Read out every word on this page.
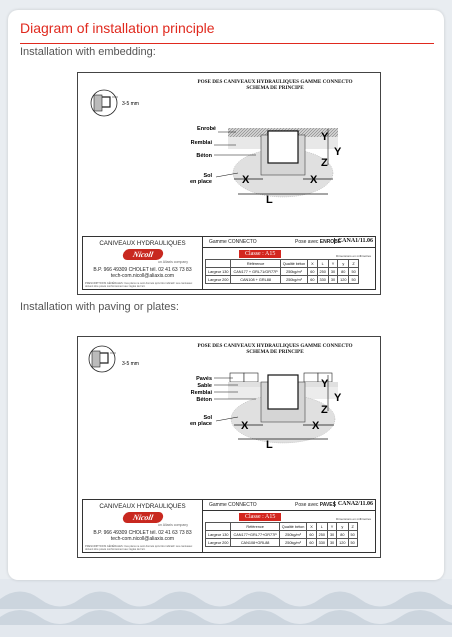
Diagram of installation principle
Installation with embedding:
POSE DES CANIVEAUX HYDRAULIQUES GAMME CONNECTO
SCHEMA DE PRINCIPE
3-5 mm
Enrobé
Remblai
Béton
Sol
en place
Y
Y
Z
X	X
L
CANIVEAUX HYDRAULIQUES
Nicoll
un Aliaxis company
B.P. 966 49309 CHOLET tél. 02 41 63 73 83
tech-com.nicoll@aliaxis.com
PRESCRIPTIONS GÉNÉRALES: Ces plans ne sont donnés qu'à titre indicatif. Les caniveaux doivent être posés conformément aux règles de l'art.
Gamme CONNECTO	Pose avec ENROBE
CANA1/11.06
Classe : A15	Dimensions en millimètres
	Référence	Qualité béton	X	L	Y	y	Z
Largeur 130	CAN177 + GRL71/GR77P	250kg/m³	60	250	30	80	50
Largeur 200	CAN108 + GRL88	250kg/m³	60	330	30	120	50
Installation with paving or plates:
POSE DES CANIVEAUX HYDRAULIQUES GAMME CONNECTO
SCHEMA DE PRINCIPE
3-5 mm
Pavés
Sable
Remblai
Béton
Sol
en place
Y
Y
Z
X	X
L
CANIVEAUX HYDRAULIQUES
Nicoll
un Aliaxis company
B.P. 966 49309 CHOLET tél. 02 41 63 73 83
tech-com.nicoll@aliaxis.com
PRESCRIPTIONS GÉNÉRALES: Ces plans ne sont donnés qu'à titre indicatif. Les caniveaux doivent être posés conformément aux règles de l'art.
Gamme CONNECTO	Pose avec PAVES CANA2/11.06
Classe : A15	Dimensions en millimètres
	Référence	Qualité béton	X	L	Y	y	Z
Largeur 130	CAN177+GRL77+GR77P	250kg/m³	60	250	30	80	50
Largeur 200	CAN108+GRL88	250kg/m³	60	330	30	120	50
